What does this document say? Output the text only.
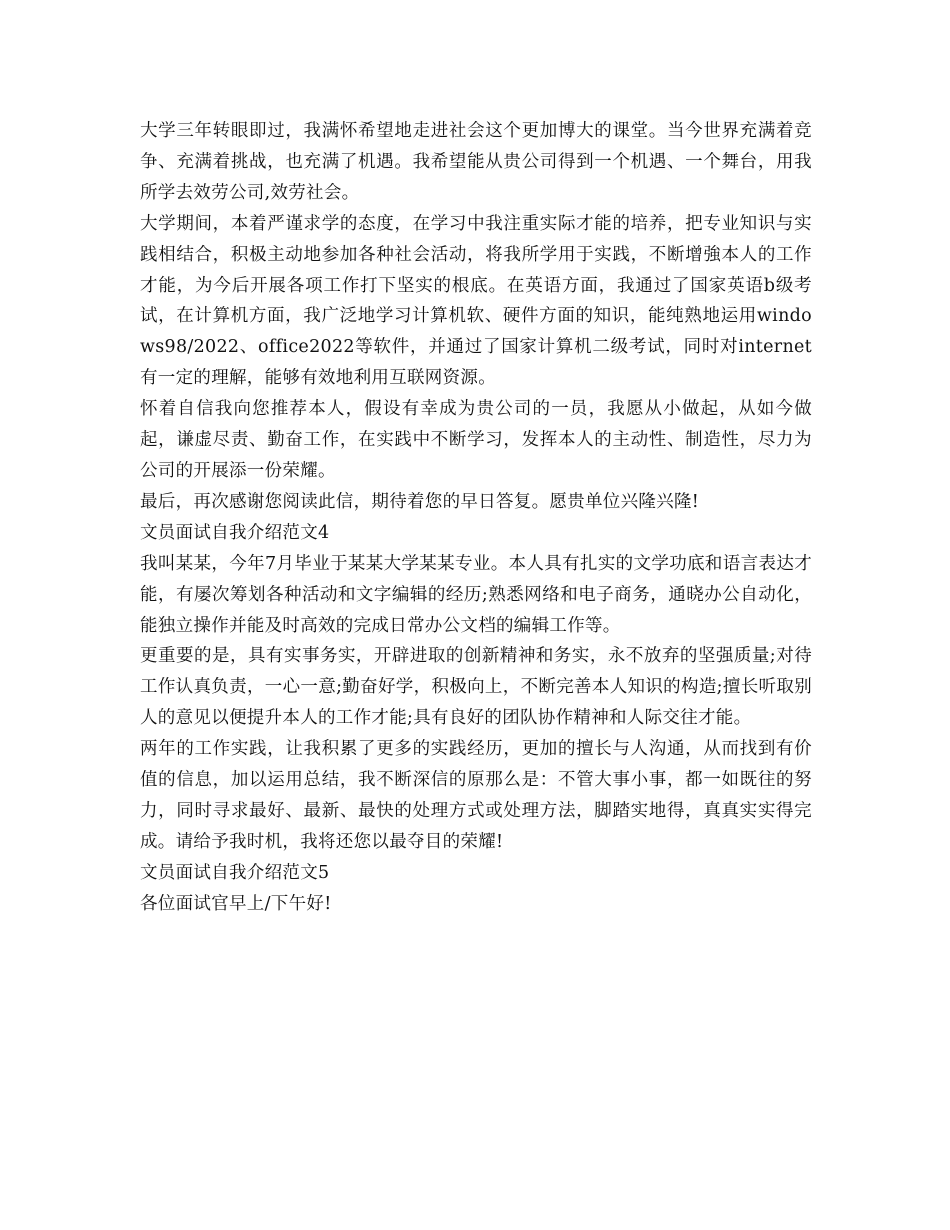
大学三年转眼即过，我满怀希望地走进社会这个更加博大的课堂。当今世界充满着竞争、充满着挑战，也充满了机遇。我希望能从贵公司得到一个机遇、一个舞台，用我所学去效劳公司,效劳社会。

大学期间，本着严谨求学的态度，在学习中我注重实际才能的培养，把专业知识与实践相结合，积极主动地参加各种社会活动，将我所学用于实践，不断增強本人的工作才能，为今后开展各项工作打下坚实的根底。在英语方面，我通过了国家英语b级考试，在计算机方面，我广泛地学习计算机软、硬件方面的知识，能纯熟地运用windows98/2022、office2022等软件，并通过了国家计算机二级考试，同时对internet有一定的理解，能够有效地利用互联网资源。

怀着自信我向您推荐本人，假设有幸成为贵公司的一员，我愿从小做起，从如今做起，谦虚尽责、勤奋工作，在实践中不断学习，发挥本人的主动性、制造性，尽力为公司的开展添一份荣耀。

最后，再次感谢您阅读此信，期待着您的早日答复。愿贵单位兴隆兴隆!

文员面试自我介绍范文4

我叫某某，今年7月毕业于某某大学某某专业。本人具有扎实的文学功底和语言表达才能，有屡次筹划各种活动和文字编辑的经历;熟悉网络和电子商务，通晓办公自动化，能独立操作并能及时高效的完成日常办公文档的编辑工作等。

更重要的是，具有实事务实，开辟进取的创新精神和务实，永不放弃的坚强质量;对待工作认真负责，一心一意;勤奋好学，积极向上，不断完善本人知识的构造;擅长听取别人的意见以便提升本人的工作才能;具有良好的团队协作精神和人际交往才能。

两年的工作实践，让我积累了更多的实践经历，更加的擅长与人沟通，从而找到有价值的信息，加以运用总结，我不断深信的原那么是：不管大事小事，都一如既往的努力，同时寻求最好、最新、最快的处理方式或处理方法，脚踏实地得，真真实实得完成。请给予我时机，我将还您以最夺目的荣耀!

文员面试自我介绍范文5

各位面试官早上/下午好!
